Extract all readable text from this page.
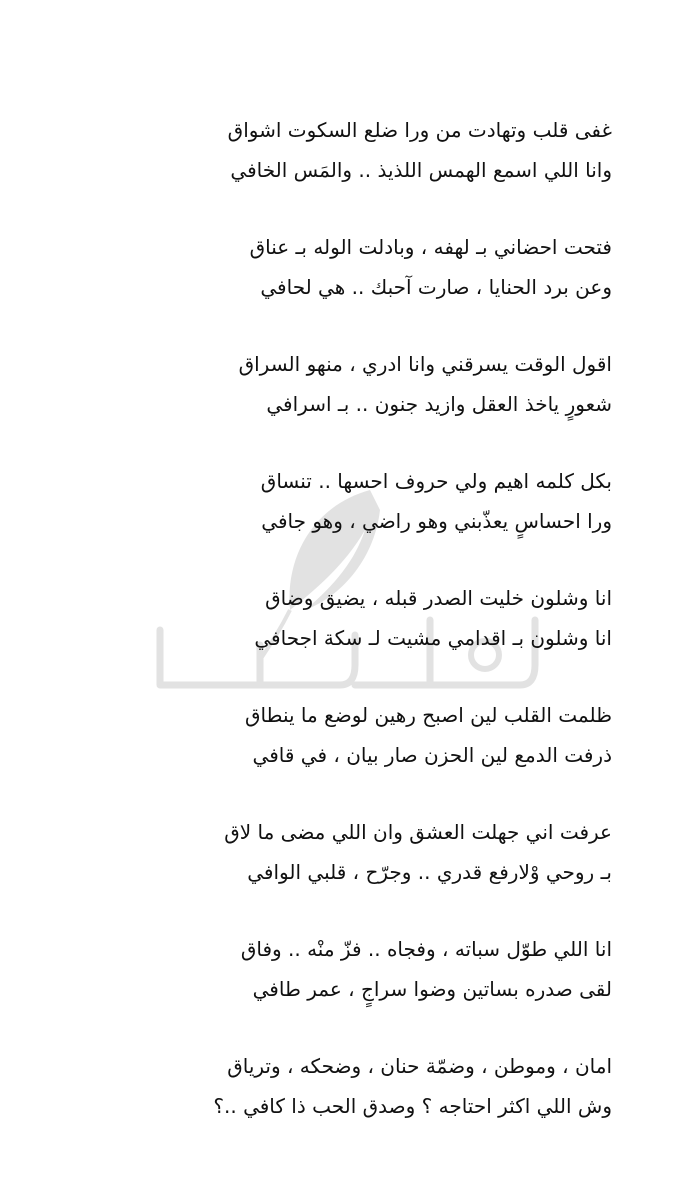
غفى قلب وتهادت من ورا ضلع السكوت اشواق
وانا اللي اسمع الهمس اللذيذ .. والمَس الخافي
فتحت احضاني بـ لهفه ، وبادلت الوله بـ عناق
وعن برد الحنايا ، صارت آحبك .. هي لحافي
اقول الوقت يسرقني وانا ادري ، منهو السراق
شعورٍ ياخذ العقل وازيد جنون .. بـ اسرافي
بكل كلمه اهيم ولي حروف احسها .. تنساق
ورا احساسٍ يعذّبني وهو راضي ، وهو جافي
انا وشلون خليت الصدر قبله ، يضيق وضاق
انا وشلون بـ اقدامي مشيت لـ سكة اجحافي
ظلمت القلب لين اصبح رهين لوضع ما ينطاق
ذرفت الدمع لين الحزن صار بيان ، في قافي
عرفت اني جهلت العشق وان اللي مضى ما لاق
بـ روحي وْلارفع قدري .. وجرّح ، قلبي الوافي
انا اللي طوّل سباته ، وفجاه .. فزّ منْه .. وفاق
لقى صدره بساتين وضوا سراجٍ ، عمر طافي
امان ، وموطن ، وضمّة حنان ، وضحكه ، وترياق
وش اللي اكثر احتاجه ؟ وصدق الحب ذا كافي ..؟
